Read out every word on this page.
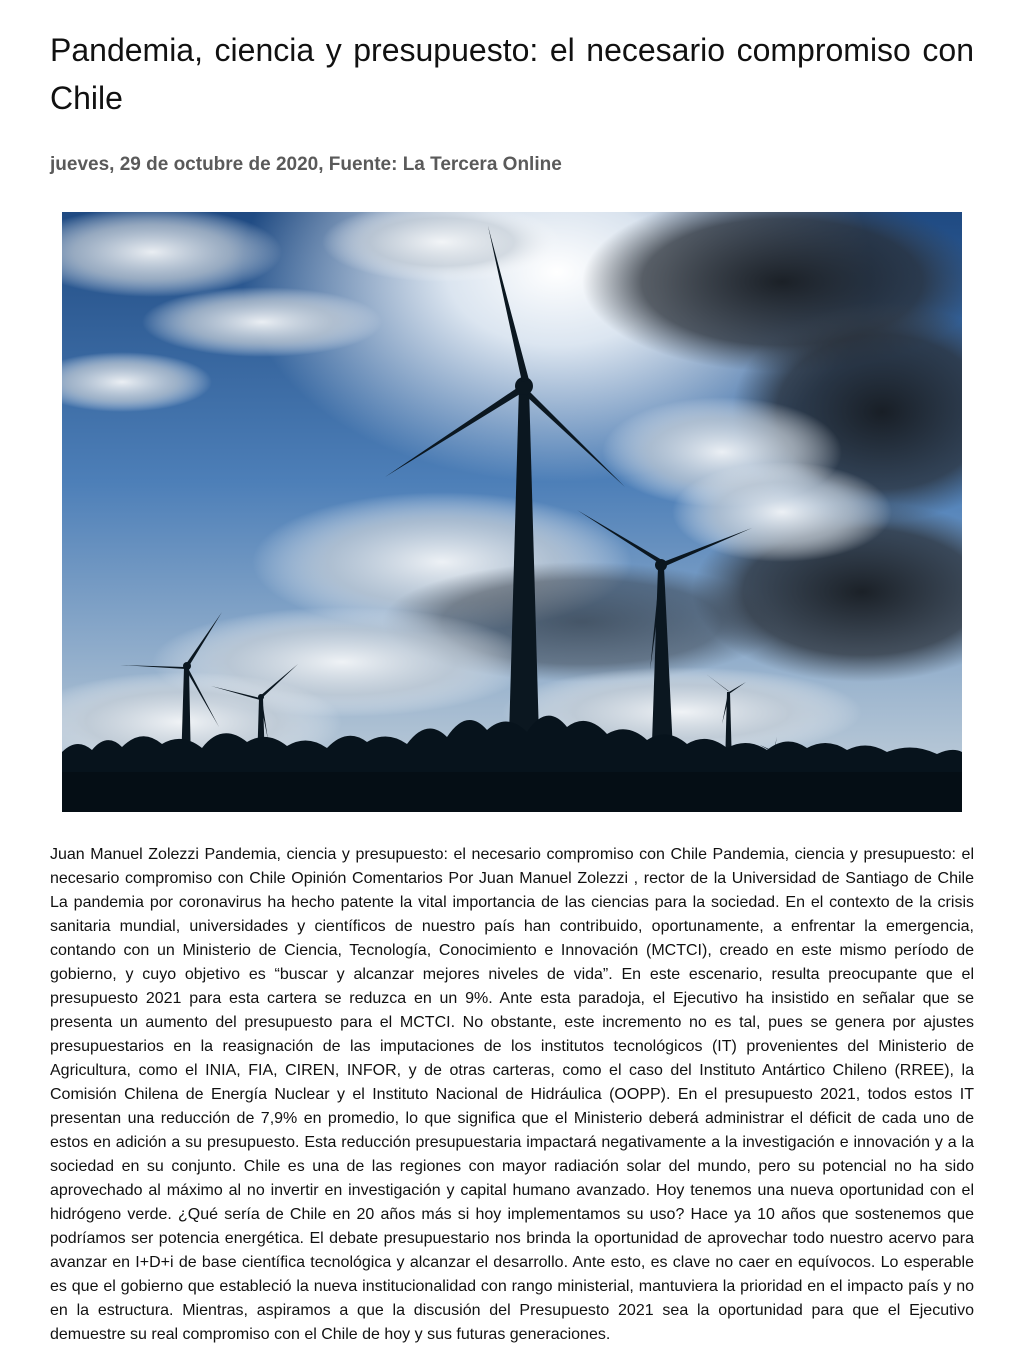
Pandemia, ciencia y presupuesto: el necesario compromiso con Chile

jueves, 29 de octubre de 2020, Fuente: La Tercera Online

Juan Manuel Zolezzi Pandemia, ciencia y presupuesto: el necesario compromiso con Chile Pandemia, ciencia y presupuesto: el necesario compromiso con Chile Opinión Comentarios Por Juan Manuel Zolezzi , rector de la Universidad de Santiago de Chile La pandemia por coronavirus ha hecho patente la vital importancia de las ciencias para la sociedad. En el contexto de la crisis sanitaria mundial, universidades y científicos de nuestro país han contribuido, oportunamente, a enfrentar la emergencia, contando con un Ministerio de Ciencia, Tecnología, Conocimiento e Innovación (MCTCI), creado en este mismo período de gobierno, y cuyo objetivo es “buscar y alcanzar mejores niveles de vida”. En este escenario, resulta preocupante que el presupuesto 2021 para esta cartera se reduzca en un 9%. Ante esta paradoja, el Ejecutivo ha insistido en señalar que se presenta un aumento del presupuesto para el MCTCI. No obstante, este incremento no es tal, pues se genera por ajustes presupuestarios en la reasignación de las imputaciones de los institutos tecnológicos (IT) provenientes del Ministerio de Agricultura, como el INIA, FIA, CIREN, INFOR, y de otras carteras, como el caso del Instituto Antártico Chileno (RREE), la Comisión Chilena de Energía Nuclear y el Instituto Nacional de Hidráulica (OOPP). En el presupuesto 2021, todos estos IT presentan una reducción de 7,9% en promedio, lo que significa que el Ministerio deberá administrar el déficit de cada uno de estos en adición a su presupuesto. Esta reducción presupuestaria impactará negativamente a la investigación e innovación y a la sociedad en su conjunto. Chile es una de las regiones con mayor radiación solar del mundo, pero su potencial no ha sido aprovechado al máximo al no invertir en investigación y capital humano avanzado. Hoy tenemos una nueva oportunidad con el hidrógeno verde. ¿Qué sería de Chile en 20 años más si hoy implementamos su uso? Hace ya 10 años que sostenemos que podríamos ser potencia energética. El debate presupuestario nos brinda la oportunidad de aprovechar todo nuestro acervo para avanzar en I+D+i de base científica tecnológica y alcanzar el desarrollo. Ante esto, es clave no caer en equívocos. Lo esperable es que el gobierno que estableció la nueva institucionalidad con rango ministerial, mantuviera la prioridad en el impacto país y no en la estructura. Mientras, aspiramos a que la discusión del Presupuesto 2021 sea la oportunidad para que el Ejecutivo demuestre su real compromiso con el Chile de hoy y sus futuras generaciones.
